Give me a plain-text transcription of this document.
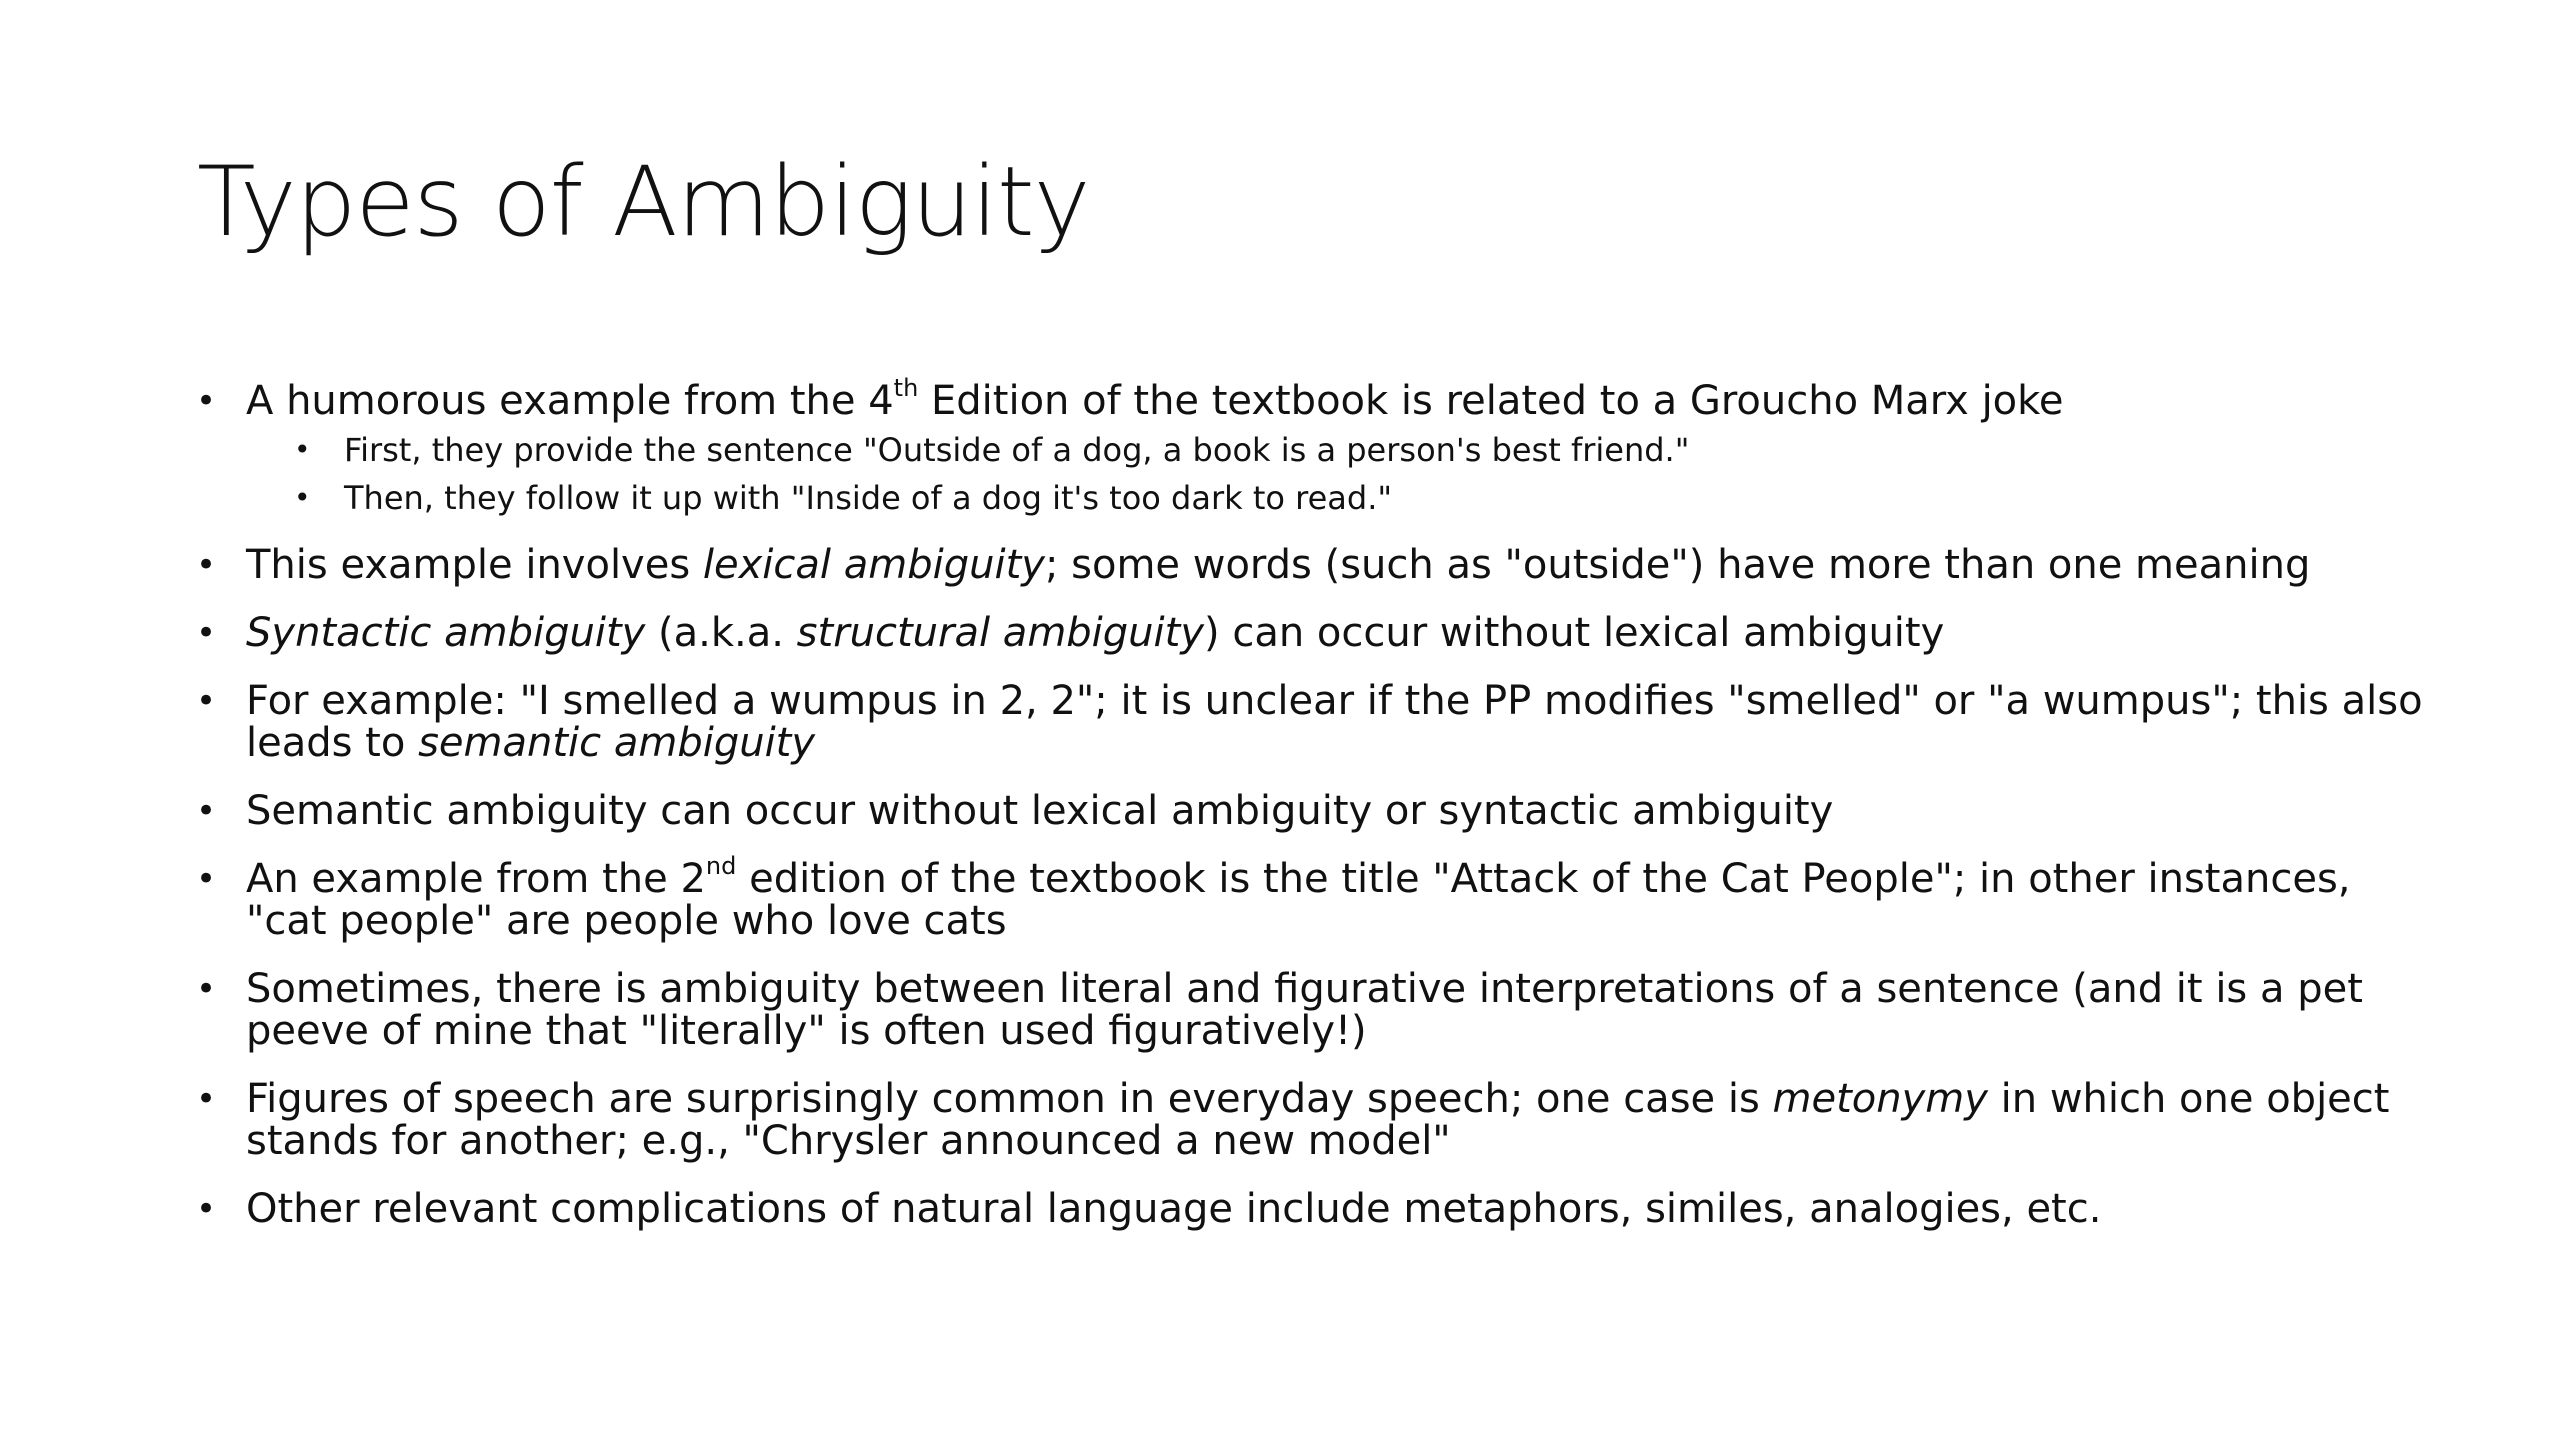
Types of Ambiguity
• A humorous example from the 4th Edition of the textbook is related to a Groucho Marx joke
• First, they provide the sentence "Outside of a dog, a book is a person's best friend."
• Then, they follow it up with "Inside of a dog it's too dark to read."
• This example involves lexical ambiguity; some words (such as "outside") have more than one meaning
• Syntactic ambiguity (a.k.a. structural ambiguity) can occur without lexical ambiguity
• For example: "I smelled a wumpus in 2, 2"; it is unclear if the PP modifies "smelled" or "a wumpus"; this also leads to semantic ambiguity
• Semantic ambiguity can occur without lexical ambiguity or syntactic ambiguity
• An example from the 2nd edition of the textbook is the title "Attack of the Cat People"; in other instances, "cat people" are people who love cats
• Sometimes, there is ambiguity between literal and figurative interpretations of a sentence (and it is a pet peeve of mine that "literally" is often used figuratively!)
• Figures of speech are surprisingly common in everyday speech; one case is metonymy in which one object stands for another; e.g., "Chrysler announced a new model"
• Other relevant complications of natural language include metaphors, similes, analogies, etc.
